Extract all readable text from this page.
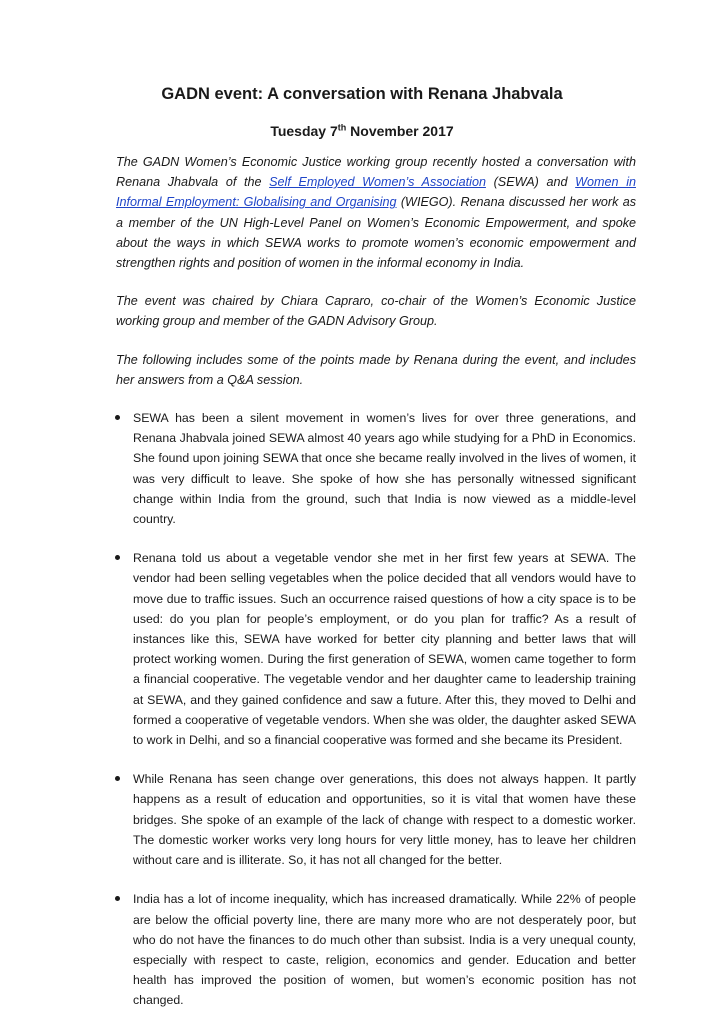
GADN event: A conversation with Renana Jhabvala
Tuesday 7th November 2017

The GADN Women’s Economic Justice working group recently hosted a conversation with Renana Jhabvala of the Self Employed Women’s Association (SEWA) and Women in Informal Employment: Globalising and Organising (WIEGO). Renana discussed her work as a member of the UN High-Level Panel on Women’s Economic Empowerment, and spoke about the ways in which SEWA works to promote women’s economic empowerment and strengthen rights and position of women in the informal economy in India.

The event was chaired by Chiara Capraro, co-chair of the Women’s Economic Justice working group and member of the GADN Advisory Group.

The following includes some of the points made by Renana during the event, and includes her answers from a Q&A session.

SEWA has been a silent movement in women’s lives for over three generations, and Renana Jhabvala joined SEWA almost 40 years ago while studying for a PhD in Economics. She found upon joining SEWA that once she became really involved in the lives of women, it was very difficult to leave. She spoke of how she has personally witnessed significant change within India from the ground, such that India is now viewed as a middle-level country.
Renana told us about a vegetable vendor she met in her first few years at SEWA. The vendor had been selling vegetables when the police decided that all vendors would have to move due to traffic issues. Such an occurrence raised questions of how a city space is to be used: do you plan for people’s employment, or do you plan for traffic? As a result of instances like this, SEWA have worked for better city planning and better laws that will protect working women. During the first generation of SEWA, women came together to form a financial cooperative. The vegetable vendor and her daughter came to leadership training at SEWA, and they gained confidence and saw a future. After this, they moved to Delhi and formed a cooperative of vegetable vendors. When she was older, the daughter asked SEWA to work in Delhi, and so a financial cooperative was formed and she became its President.
While Renana has seen change over generations, this does not always happen. It partly happens as a result of education and opportunities, so it is vital that women have these bridges. She spoke of an example of the lack of change with respect to a domestic worker. The domestic worker works very long hours for very little money, has to leave her children without care and is illiterate. So, it has not all changed for the better.
India has a lot of income inequality, which has increased dramatically. While 22% of people are below the official poverty line, there are many more who are not desperately poor, but who do not have the finances to do much other than subsist. India is a very unequal county, especially with respect to caste, religion, economics and gender. Education and better health has improved the position of women, but women’s economic position has not changed.
